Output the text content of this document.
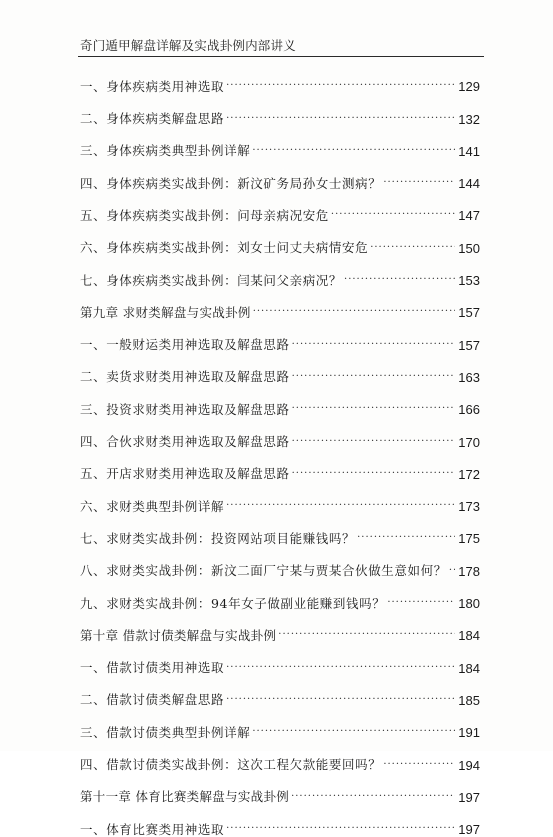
奇门遁甲解盘详解及实战卦例内部讲义
一、身体疾病类用神选取 ·····	129
二、身体疾病类解盘思路 ·····	132
三、身体疾病类典型卦例详解 ·····	141
四、身体疾病类实战卦例：新汶矿务局孙女士测病？ ·····	144
五、身体疾病类实战卦例：问母亲病况安危 ·····	147
六、身体疾病类实战卦例：刘女士问丈夫病情安危 ·····	150
七、身体疾病类实战卦例：闫某问父亲病况？ ·····	153
第九章 求财类解盘与实战卦例 ·····	157
一、一般财运类用神选取及解盘思路 ·····	157
二、卖货求财类用神选取及解盘思路 ·····	163
三、投资求财类用神选取及解盘思路 ·····	166
四、合伙求财类用神选取及解盘思路 ·····	170
五、开店求财类用神选取及解盘思路 ·····	172
六、求财类典型卦例详解 ·····	173
七、求财类实战卦例：投资网站项目能赚钱吗？ ·····	175
八、求财类实战卦例：新汶二面厂宁某与贾某合伙做生意如何？ ····· 178
九、求财类实战卦例：94年女子做副业能赚到钱吗？ ·····	180
第十章 借款讨债类解盘与实战卦例 ·····	184
一、借款讨债类用神选取 ·····	184
二、借款讨债类解盘思路 ·····	185
三、借款讨债类典型卦例详解 ·····	191
四、借款讨债类实战卦例：这次工程欠款能要回吗？ ·····	194
第十一章 体育比赛类解盘与实战卦例 ·····	197
一、体育比赛类用神选取 ·····	197
